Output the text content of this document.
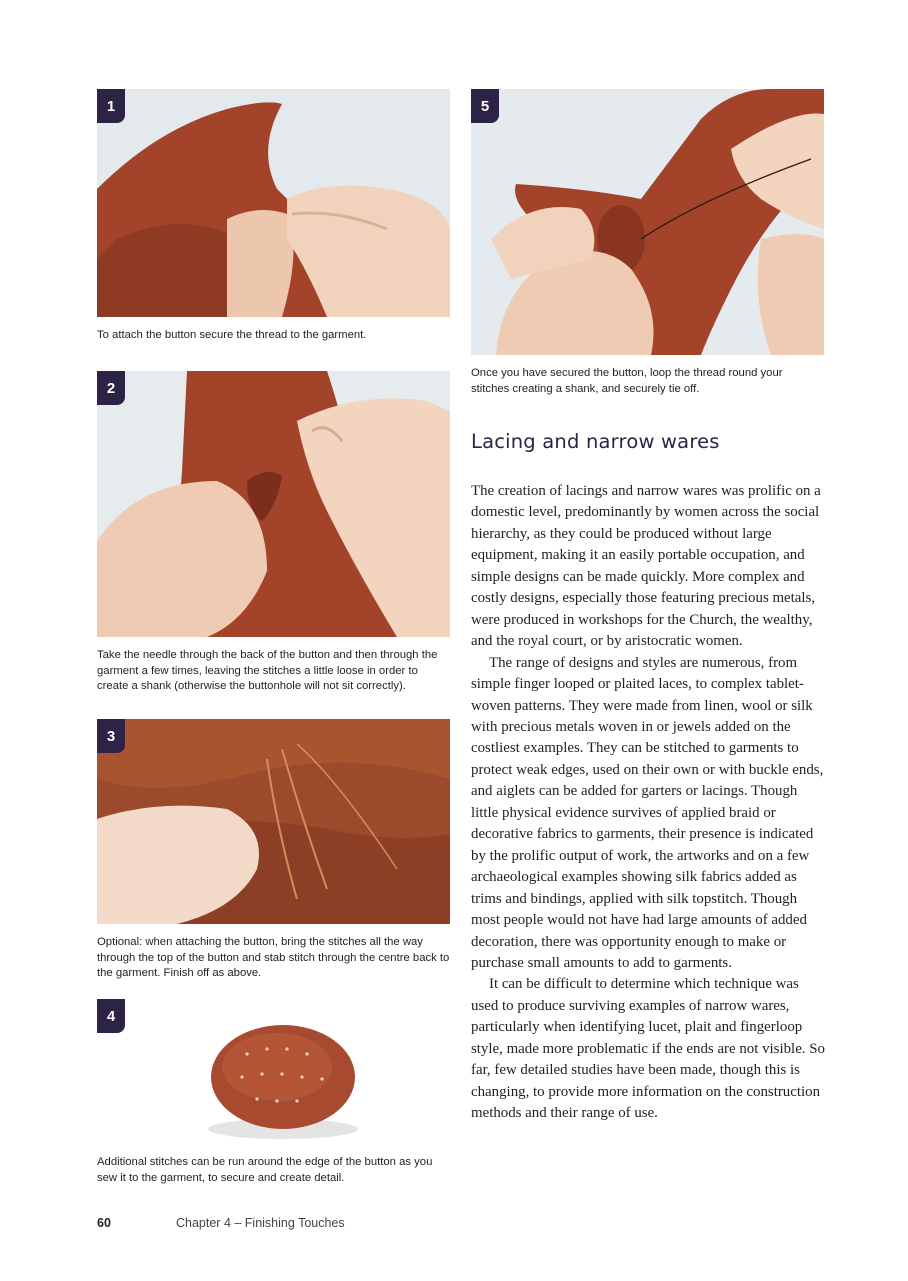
1
To attach the button secure the thread to the garment.
2
Take the needle through the back of the button and then through the garment a few times, leaving the stitches a little loose in order to create a shank (otherwise the buttonhole will not sit correctly).
3
Optional: when attaching the button, bring the stitches all the way through the top of the button and stab stitch through the centre back to the garment. Finish off as above.
4
Additional stitches can be run around the edge of the button as you sew it to the garment, to secure and create detail.
5
Once you have secured the button, loop the thread round your stitches creating a shank, and securely tie off.
Lacing and narrow wares

The creation of lacings and narrow wares was prolific on a domestic level, predominantly by women across the social hierarchy, as they could be produced without large equipment, making it an easily portable occupation, and simple designs can be made quickly. More complex and costly designs, especially those featuring precious metals, were produced in workshops for the Church, the wealthy, and the royal court, or by aristocratic women.

The range of designs and styles are numerous, from simple finger looped or plaited laces, to complex tablet-woven patterns. They were made from linen, wool or silk with precious metals woven in or jewels added on the costliest examples. They can be stitched to garments to protect weak edges, used on their own or with buckle ends, and aiglets can be added for garters or lacings. Though little physical evidence survives of applied braid or decorative fabrics to garments, their presence is indicated by the prolific output of work, the artworks and on a few archaeological examples showing silk fabrics added as trims and bindings, applied with silk topstitch. Though most people would not have had large amounts of added decoration, there was opportunity enough to make or purchase small amounts to add to garments.

It can be difficult to determine which technique was used to produce surviving examples of narrow wares, particularly when identifying lucet, plait and fingerloop style, made more problematic if the ends are not visible. So far, few detailed studies have been made, though this is changing, to provide more information on the construction methods and their range of use.

60	Chapter 4 – Finishing Touches
